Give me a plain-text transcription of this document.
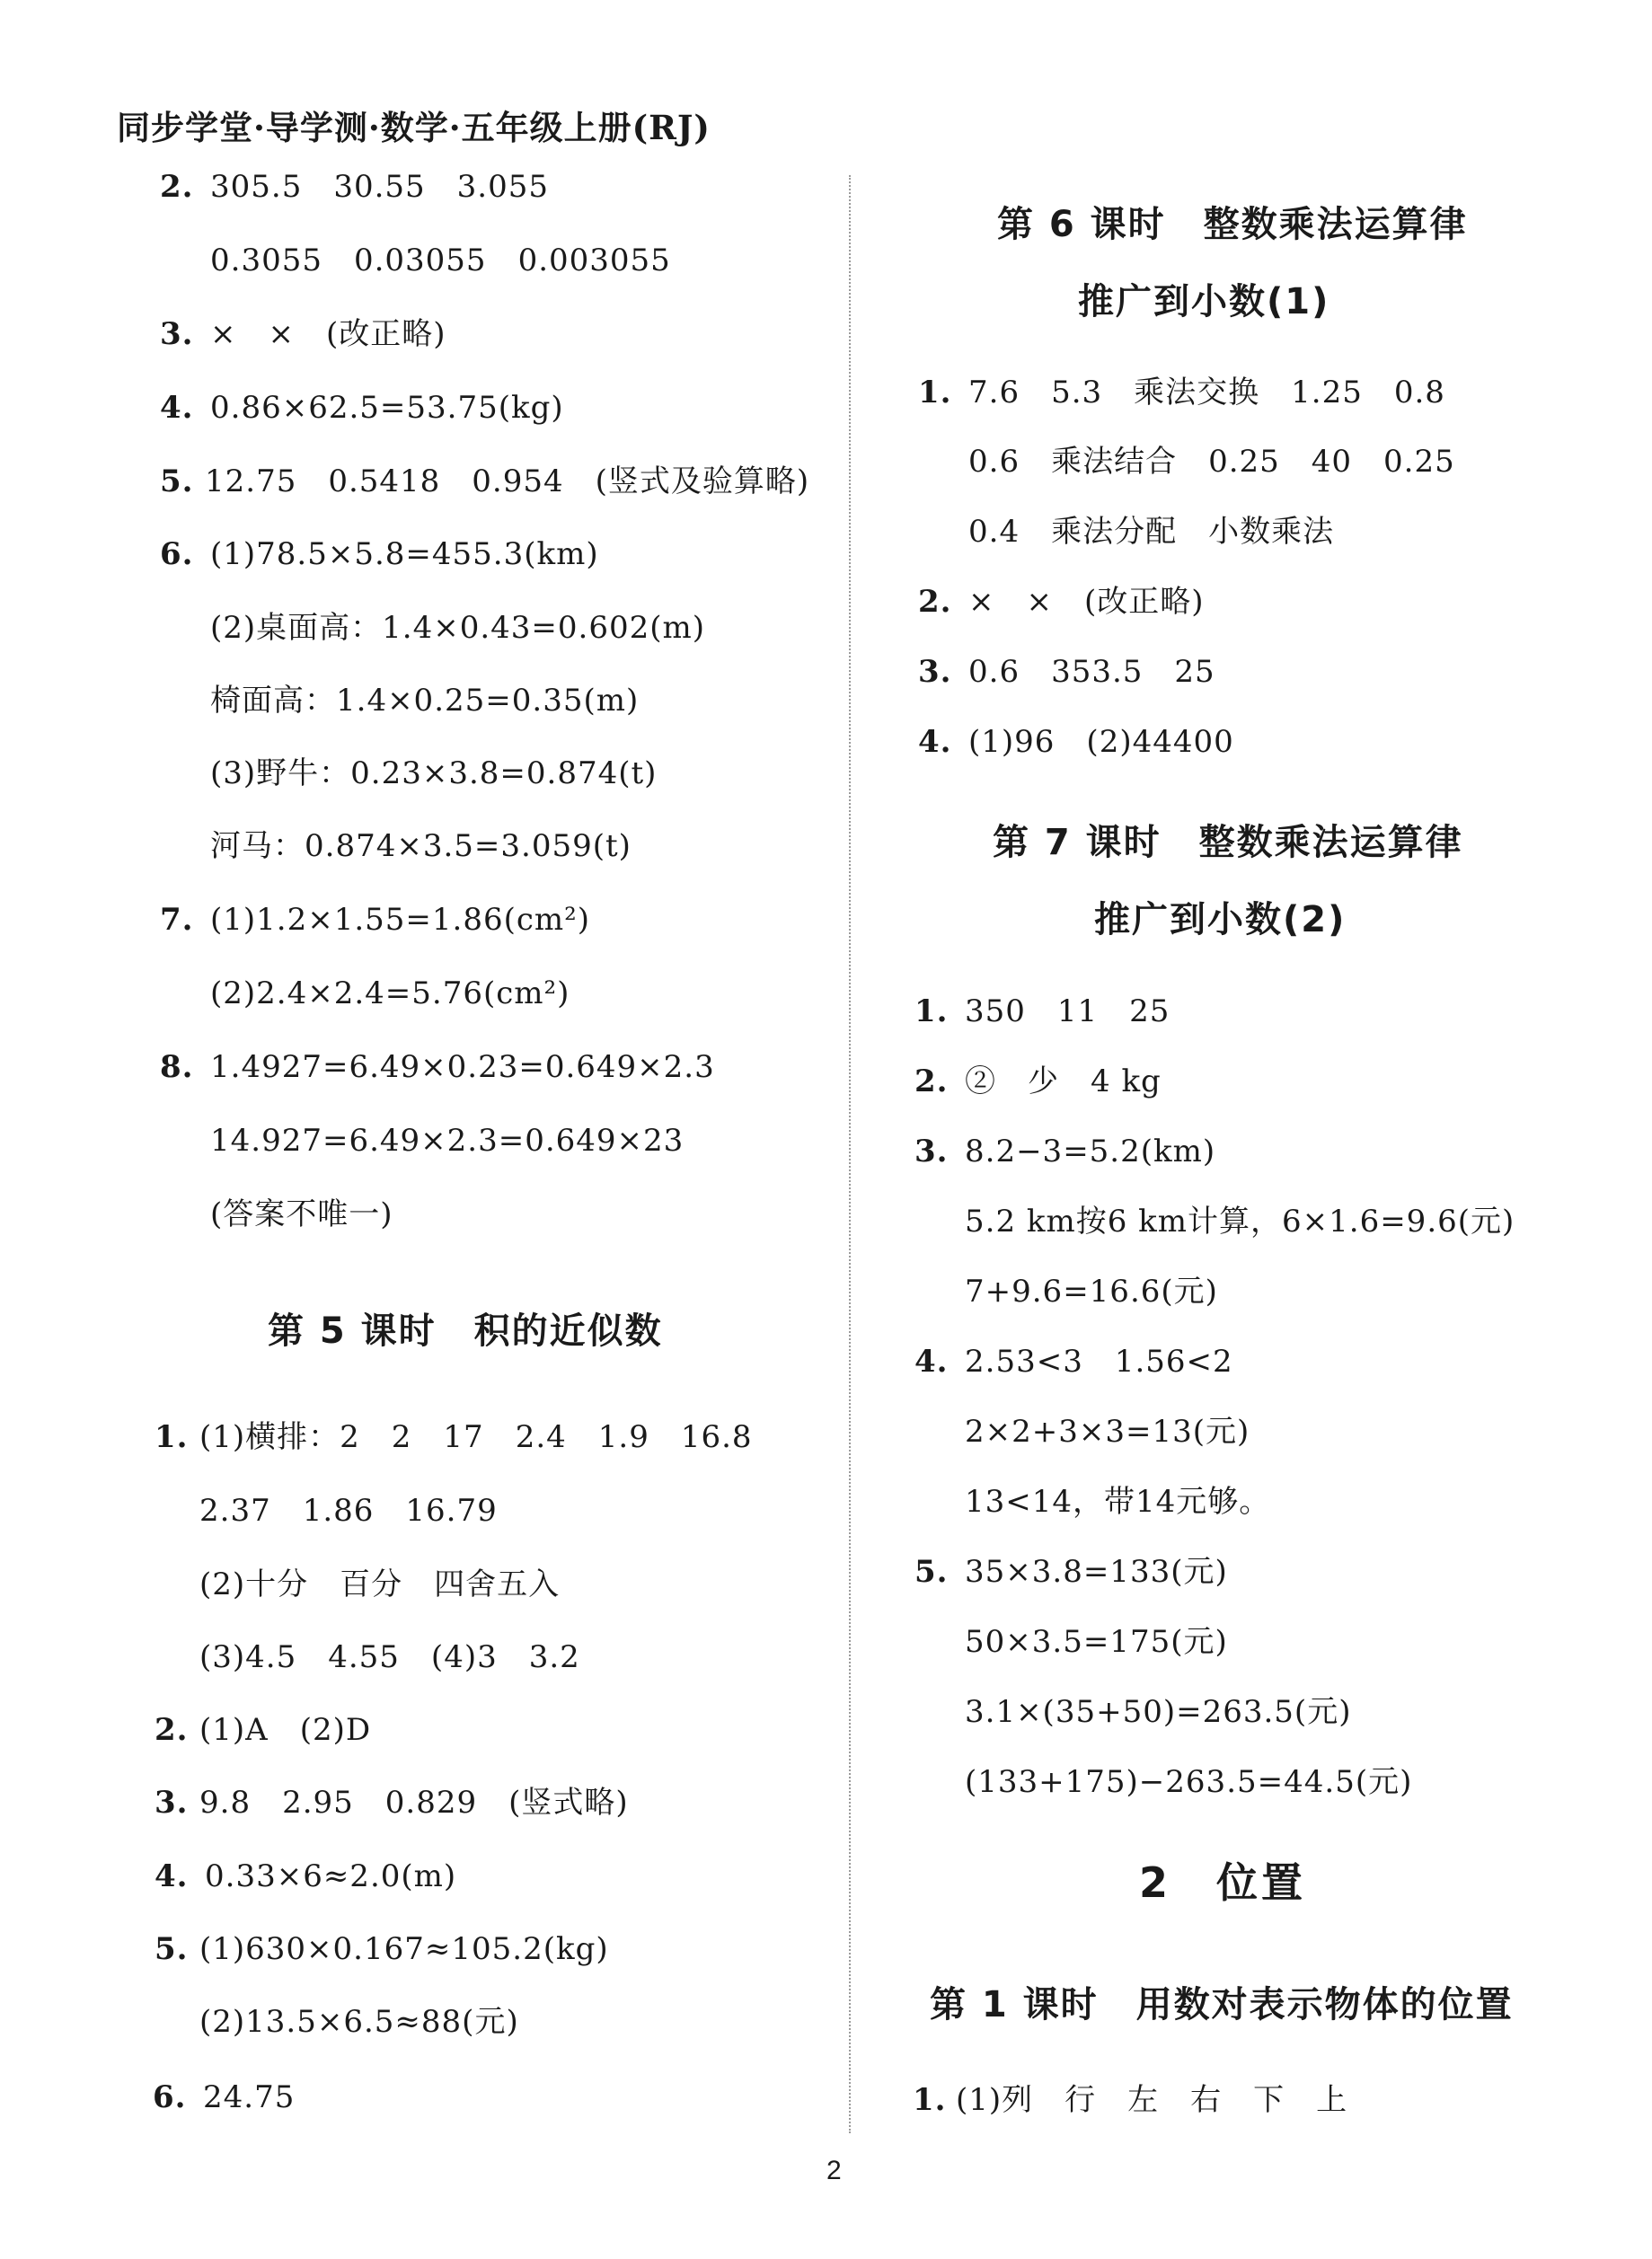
同步学堂·导学测·数学·五年级上册(RJ)
2. 305.5　30.55　3.055
0.3055　0.03055　0.003055
3. ×　×　(改正略)
4. 0.86×62.5=53.75(kg)
5. 12.75　0.5418　0.954　(竖式及验算略)
6. (1)78.5×5.8=455.3(km)
(2)桌面高：1.4×0.43=0.602(m)
椅面高：1.4×0.25=0.35(m)
(3)野牛：0.23×3.8=0.874(t)
河马：0.874×3.5=3.059(t)
7. (1)1.2×1.55=1.86(cm²)
(2)2.4×2.4=5.76(cm²)
8. 1.4927=6.49×0.23=0.649×2.3
14.927=6.49×2.3=0.649×23
(答案不唯一)
第 5 课时　积的近似数
1. (1)横排：2　2　17　2.4　1.9　16.8
2.37　1.86　16.79
(2)十分　百分　四舍五入
(3)4.5　4.55　(4)3　3.2
2. (1)A　(2)D
3. 9.8　2.95　0.829　(竖式略)
4. 0.33×6≈2.0(m)
5. (1)630×0.167≈105.2(kg)
(2)13.5×6.5≈88(元)
6. 24.75
第 6 课时　整数乘法运算律
推广到小数(1)
1. 7.6　5.3　乘法交换　1.25　0.8
0.6　乘法结合　0.25　40　0.25
0.4　乘法分配　小数乘法
2. ×　×　(改正略)
3. 0.6　353.5　25
4. (1)96　(2)44400
第 7 课时　整数乘法运算律
推广到小数(2)
1. 350　11　25
2. ②　少　4 kg
3. 8.2−3=5.2(km)
5.2 km按6 km计算，6×1.6=9.6(元)
7+9.6=16.6(元)
4. 2.53<3　1.56<2
2×2+3×3=13(元)
13<14，带14元够。
5. 35×3.8=133(元)
50×3.5=175(元)
3.1×(35+50)=263.5(元)
(133+175)−263.5=44.5(元)
2　位置
第 1 课时　用数对表示物体的位置
1. (1)列　行　左　右　下　上
2
